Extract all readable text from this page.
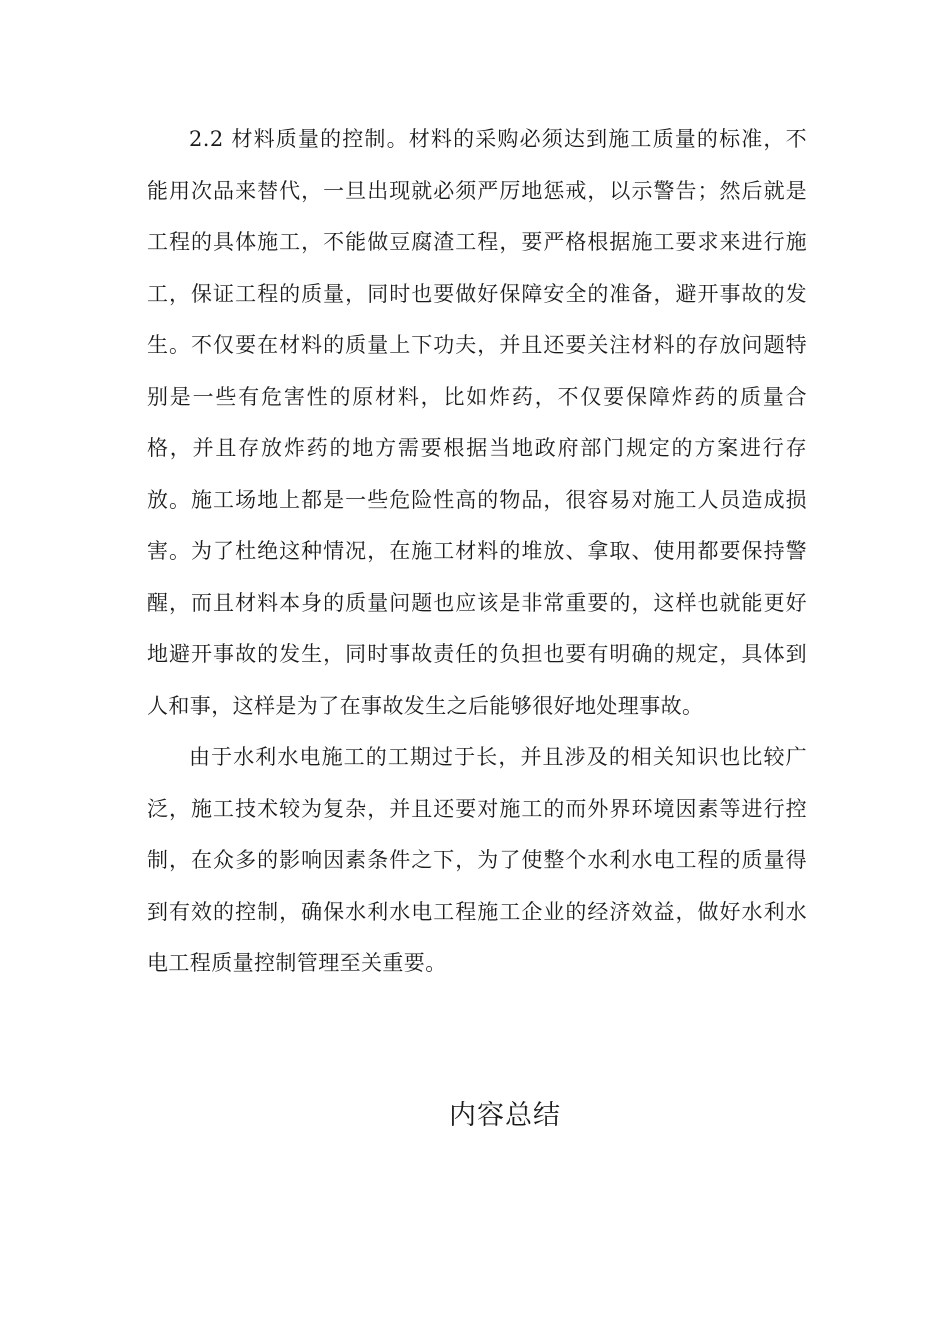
2.2 材料质量的控制。材料的采购必须达到施工质量的标准，不能用次品来替代，一旦出现就必须严厉地惩戒，以示警告；然后就是工程的具体施工，不能做豆腐渣工程，要严格根据施工要求来进行施工，保证工程的质量，同时也要做好保障安全的准备，避开事故的发生。不仅要在材料的质量上下功夫，并且还要关注材料的存放问题特别是一些有危害性的原材料，比如炸药，不仅要保障炸药的质量合格，并且存放炸药的地方需要根据当地政府部门规定的方案进行存放。施工场地上都是一些危险性高的物品，很容易对施工人员造成损害。为了杜绝这种情况，在施工材料的堆放、拿取、使用都要保持警醒，而且材料本身的质量问题也应该是非常重要的，这样也就能更好地避开事故的发生，同时事故责任的负担也要有明确的规定，具体到人和事，这样是为了在事故发生之后能够很好地处理事故。

由于水利水电施工的工期过于长，并且涉及的相关知识也比较广泛，施工技术较为复杂，并且还要对施工的而外界环境因素等进行控制，在众多的影响因素条件之下，为了使整个水利水电工程的质量得到有效的控制，确保水利水电工程施工企业的经济效益，做好水利水电工程质量控制管理至关重要。

内容总结
